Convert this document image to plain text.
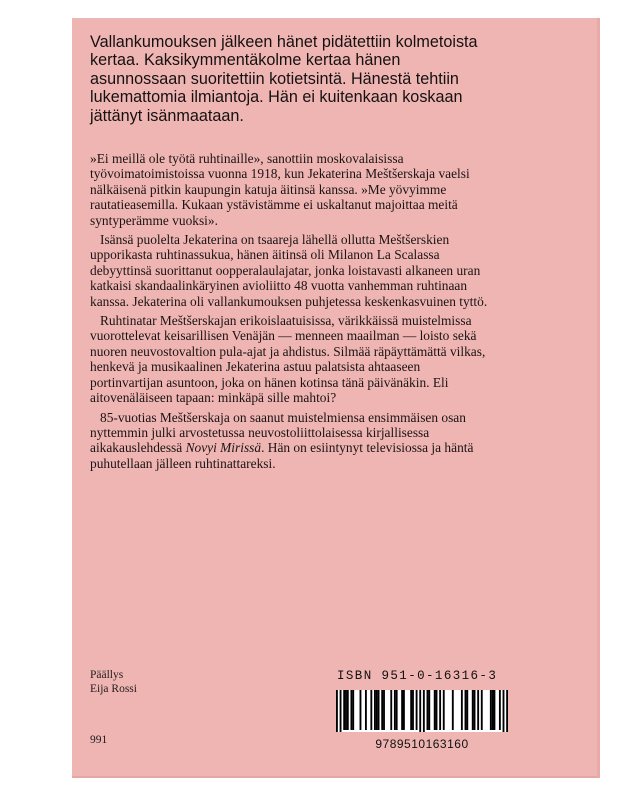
Vallankumouksen jälkeen hänet pidätettiin kolmetoista kertaa. Kaksikymmentäkolme kertaa hänen asunnossaan suoritettiin kotietsintä. Hänestä tehtiin lukemattomia ilmiantoja. Hän ei kuitenkaan koskaan jättänyt isänmaataan.

»Ei meillä ole työtä ruhtinaille», sanottiin moskovalaisissa työvoimatoimistoissa vuonna 1918, kun Jekaterina Meštšerskaja vaelsi nälkäisenä pitkin kaupungin katuja äitinsä kanssa. »Me yövyimme rautatieasemilla. Kukaan ystävistämme ei uskaltanut majoittaa meitä syntyperämme vuoksi».

Isänsä puolelta Jekaterina on tsaareja lähellä ollutta Meštšerskien upporikasta ruhtinassukua, hänen äitinsä oli Milanon La Scalassa debyyttinsä suorittanut oopperalaulajatar, jonka loistavasti alkaneen uran katkaisi skandaalinkäryinen avioliitto 48 vuotta vanhemman ruhtinaan kanssa. Jekaterina oli vallankumouksen puhjetessa keskenkasvuinen tyttö.

Ruhtinatar Meštšerskajan erikoislaatuisissa, värikkäissä muistelmissa vuorottelevat keisarillisen Venäjän — menneen maailman — loisto sekä nuoren neuvostovaltion pula-ajat ja ahdistus. Silmää räpäyttämättä vilkas, henkevä ja musikaalinen Jekaterina astuu palatsista ahtaaseen portinvartijan asuntoon, joka on hänen kotinsa tänä päivänäkin. Eli aitovenäläiseen tapaan: minkäpä sille mahtoi?

85-vuotias Meštšerskaja on saanut muistelmiensa ensimmäisen osan nyttemmin julki arvostetussa neuvostoliittolaisessa kirjallisessa aikakauslehdessä Novyi Mirissä. Hän on esiintynyt televisiossa ja häntä puhutellaan jälleen ruhtinattareksi.

Päällys
Eija Rossi
991
ISBN 951-0-16316-3
9789510163160
